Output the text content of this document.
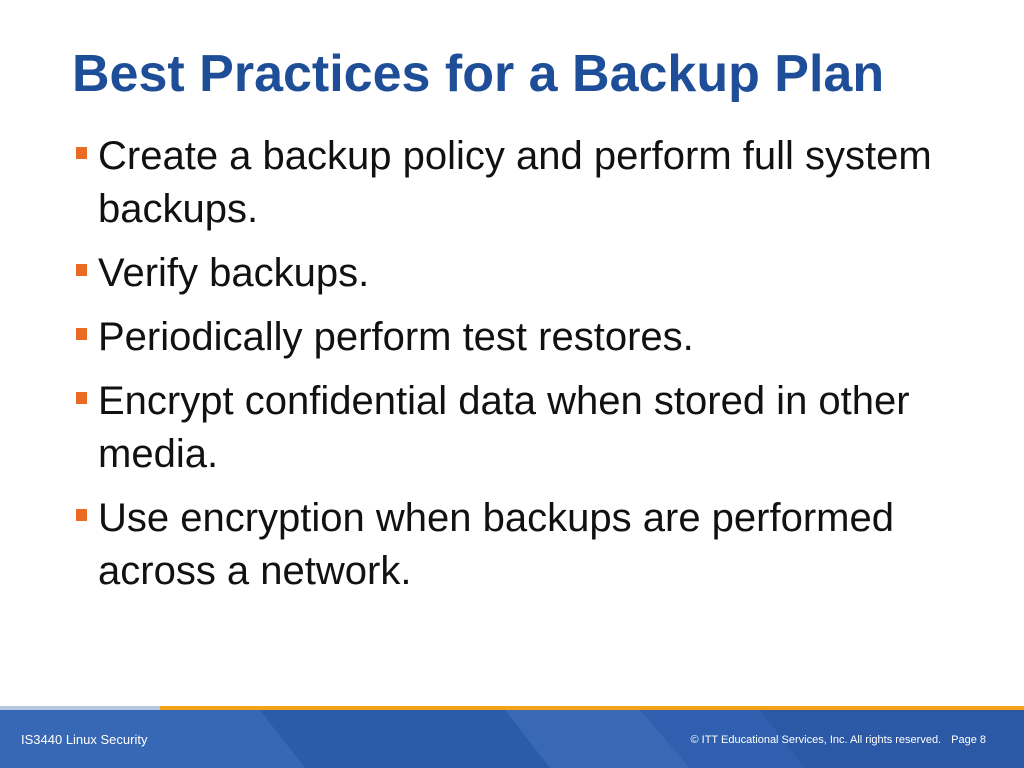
Best Practices for a Backup Plan
Create a backup policy and perform full system backups.
Verify backups.
Periodically perform test restores.
Encrypt confidential data when stored in other media.
Use encryption when backups are performed across a network.
IS3440 Linux Security	© ITT Educational Services, Inc. All rights reserved. Page 8
